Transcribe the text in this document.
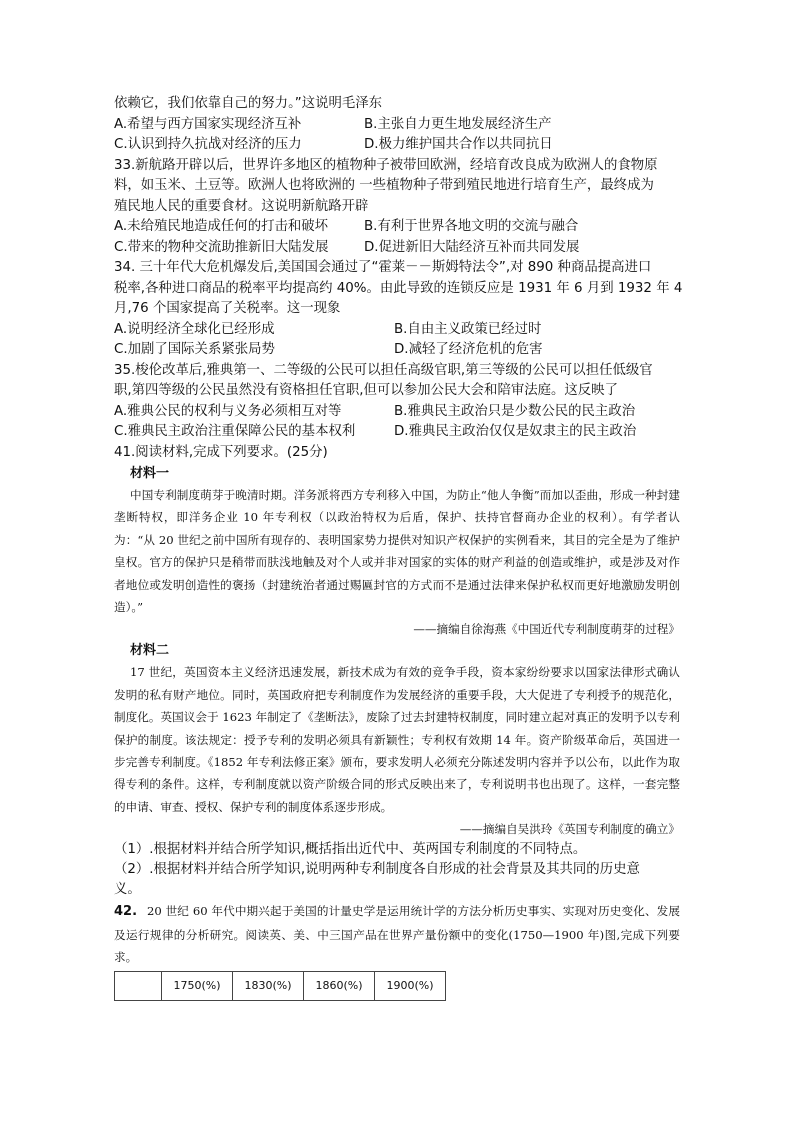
依赖它，我们依靠自己的努力。”这说明毛泽东
A.希望与西方国家实现经济互补	B.主张自力更生地发展经济生产
C.认识到持久抗战对经济的压力	D.极力维护国共合作以共同抗日
33.新航路开辟以后，世界许多地区的植物种子被带回欧洲，经培育改良成为欧洲人的食物原
料，如玉米、土豆等。欧洲人也将欧洲的 一些植物种子带到殖民地进行培育生产，最终成为
殖民地人民的重要食材。这说明新航路开辟
A.未给殖民地造成任何的打击和破坏	B.有利于世界各地文明的交流与融合
C.带来的物种交流助推新旧大陆发展	D.促进新旧大陆经济互补而共同发展
34. 三十年代大危机爆发后,美国国会通过了“霍莱－－斯姆特法令”,对 890 种商品提高进口
税率,各种进口商品的税率平均提高约 40%。由此导致的连锁反应是 1931 年 6 月到 1932 年 4
月,76 个国家提高了关税率。这一现象
A.说明经济全球化已经形成	B.自由主义政策已经过时
C.加剧了国际关系紧张局势	D.减轻了经济危机的危害
35.梭伦改革后,雅典第一、二等级的公民可以担任高级官职,第三等级的公民可以担任低级官
职,第四等级的公民虽然没有资格担任官职,但可以参加公民大会和陪审法庭。这反映了
A.雅典公民的权利与义务必须相互对等	B.雅典民主政治只是少数公民的民主政治
C.雅典民主政治注重保障公民的基本权利	D.雅典民主政治仅仅是奴隶主的民主政治
41.阅读材料,完成下列要求。(25分)
材料一
中国专利制度萌芽于晚清时期。洋务派将西方专利移入中国，为防止“他人争衡”而加以歪曲，形成一种封建垄断特权，即洋务企业 10 年专利权（以政治特权为后盾，保护、扶持官督商办企业的权利）。有学者认为：“从 20 世纪之前中国所有现存的、表明国家势力提供对知识产权保护的实例看来，其目的完全是为了维护皇权。官方的保护只是稍带而肤浅地触及对个人或并非对国家的实体的财产利益的创造或维护，或是涉及对作者地位或发明创造性的褒扬（封建统治者通过赐匾封官的方式而不是通过法律来保护私权而更好地激励发明创造）。”
——摘编自徐海燕《中国近代专利制度萌芽的过程》
材料二
17 世纪，英国资本主义经济迅速发展，新技术成为有效的竞争手段，资本家纷纷要求以国家法律形式确认发明的私有财产地位。同时，英国政府把专利制度作为发展经济的重要手段，大大促进了专利授予的规范化，制度化。英国议会于 1623 年制定了《垄断法》，废除了过去封建特权制度，同时建立起对真正的发明予以专利保护的制度。该法规定：授予专利的发明必须具有新颖性；专利权有效期 14 年。资产阶级革命后，英国进一步完善专利制度。《1852 年专利法修正案》颁布，要求发明人必须充分陈述发明内容并予以公布，以此作为取得专利的条件。这样，专利制度就以资产阶级合同的形式反映出来了，专利说明书也出现了。这样，一套完整的申请、审查、授权、保护专利的制度体系逐步形成。
——摘编自吴洪玲《英国专利制度的确立》
（1）.根据材料并结合所学知识,概括指出近代中、英两国专利制度的不同特点。
（2）.根据材料并结合所学知识,说明两种专利制度各自形成的社会背景及其共同的历史意
义。
42. 20 世纪 60 年代中期兴起于美国的计量史学是运用统计学的方法分析历史事实、实现对历史变化、发展及运行规律的分析研究。阅读英、美、中三国产品在世界产量份额中的变化(1750—1900 年)图,完成下列要求。
	1750(%)	1830(%)	1860(%)	1900(%)
